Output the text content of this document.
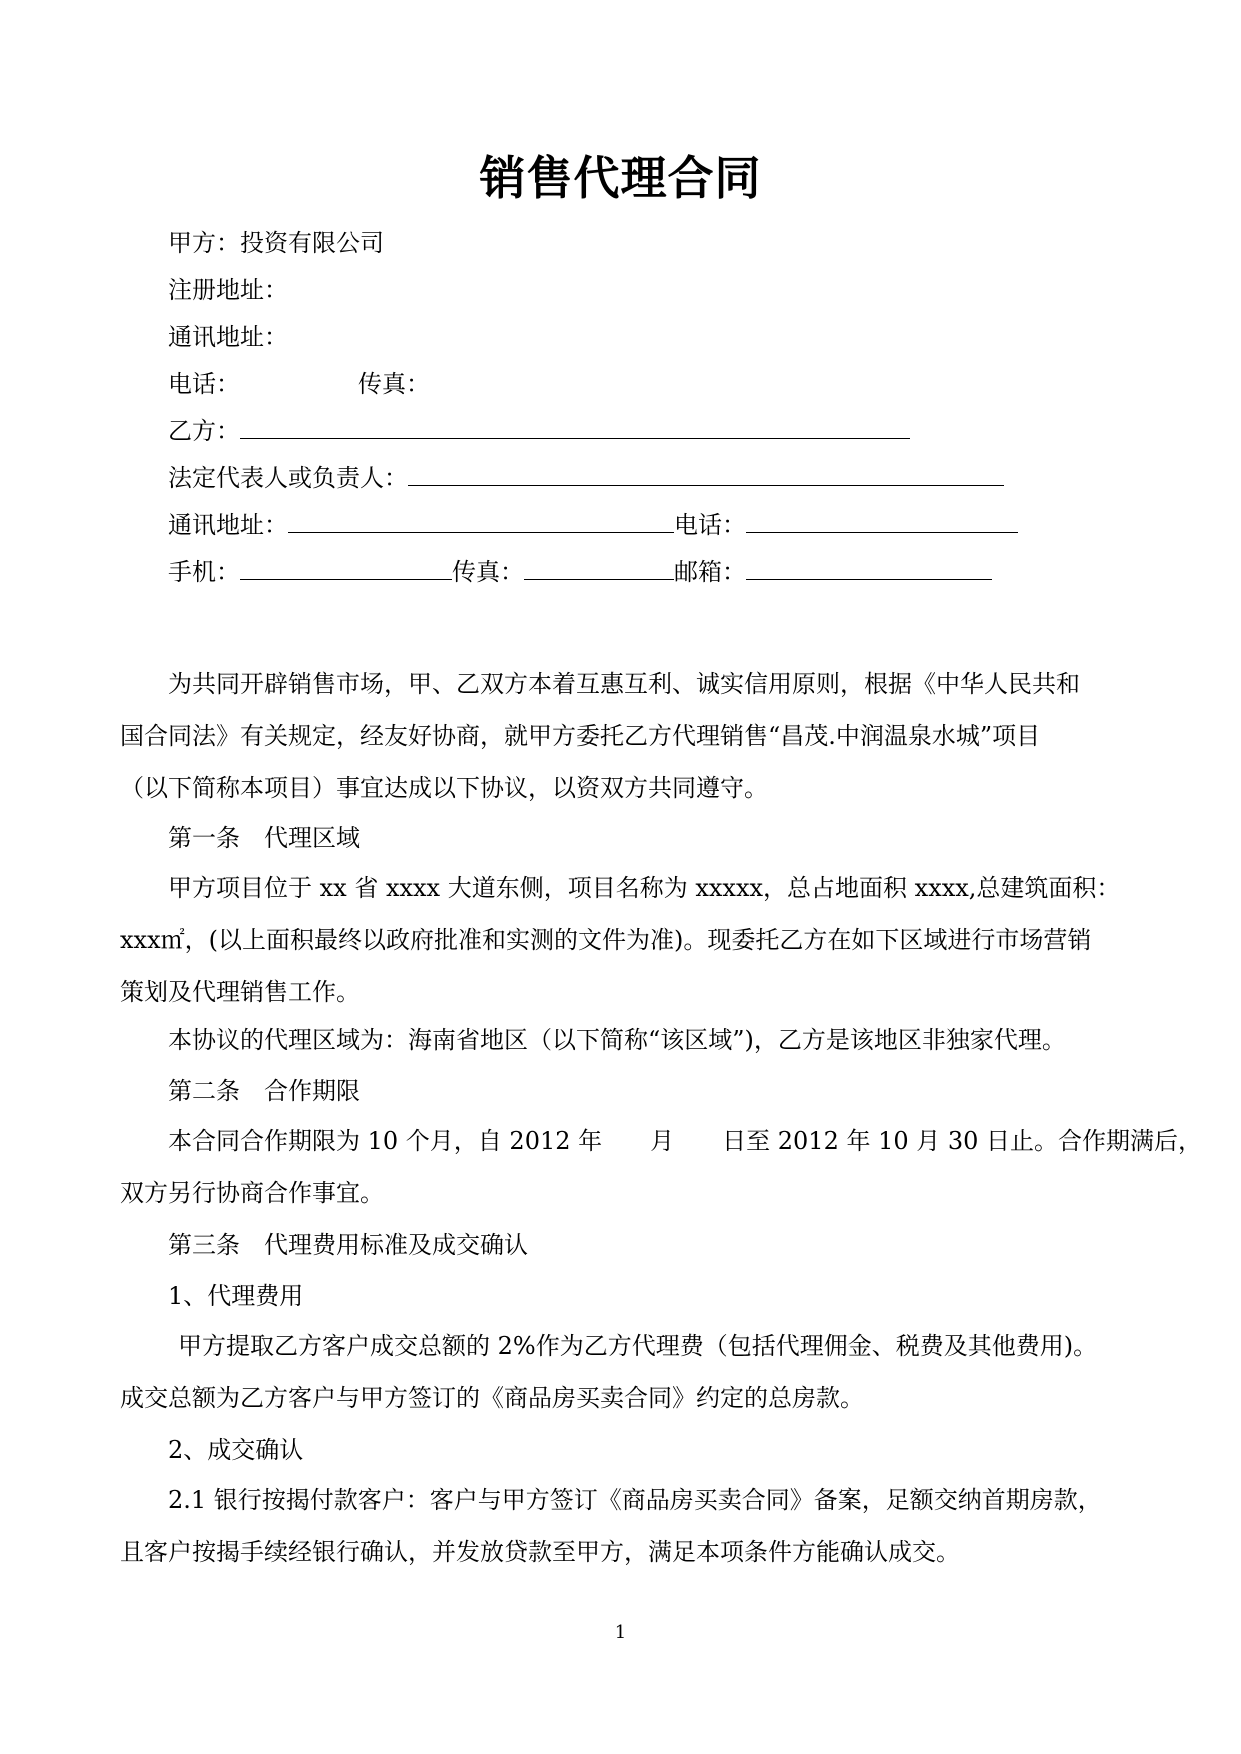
销售代理合同
甲方：投资有限公司
注册地址：
通讯地址：
电话：	传真：
乙方：
法定代表人或负责人：
通讯地址：	电话：
手机：	传真：	邮箱：
为共同开辟销售市场，甲、乙双方本着互惠互利、诚实信用原则，根据《中华人民共和
国合同法》有关规定，经友好协商，就甲方委托乙方代理销售“昌茂.中润温泉水城”项目
（以下简称本项目）事宜达成以下协议，以资双方共同遵守。
第一条　代理区域
甲方项目位于 xx 省 xxxx 大道东侧，项目名称为 xxxxx，总占地面积 xxxx,总建筑面积：
xxx㎡，(以上面积最终以政府批准和实测的文件为准)。现委托乙方在如下区域进行市场营销
策划及代理销售工作。
本协议的代理区域为：海南省地区（以下简称“该区域”)，乙方是该地区非独家代理。
第二条　合作期限
本合同合作期限为 10 个月，自 2012 年　　月　　日至 2012 年 10 月 30 日止。合作期满后，
双方另行协商合作事宜。
第三条　代理费用标准及成交确认
1、代理费用
甲方提取乙方客户成交总额的 2%作为乙方代理费（包括代理佣金、税费及其他费用)。
成交总额为乙方客户与甲方签订的《商品房买卖合同》约定的总房款。
2、成交确认
2.1 银行按揭付款客户：客户与甲方签订《商品房买卖合同》备案，足额交纳首期房款，
且客户按揭手续经银行确认，并发放贷款至甲方，满足本项条件方能确认成交。
1
